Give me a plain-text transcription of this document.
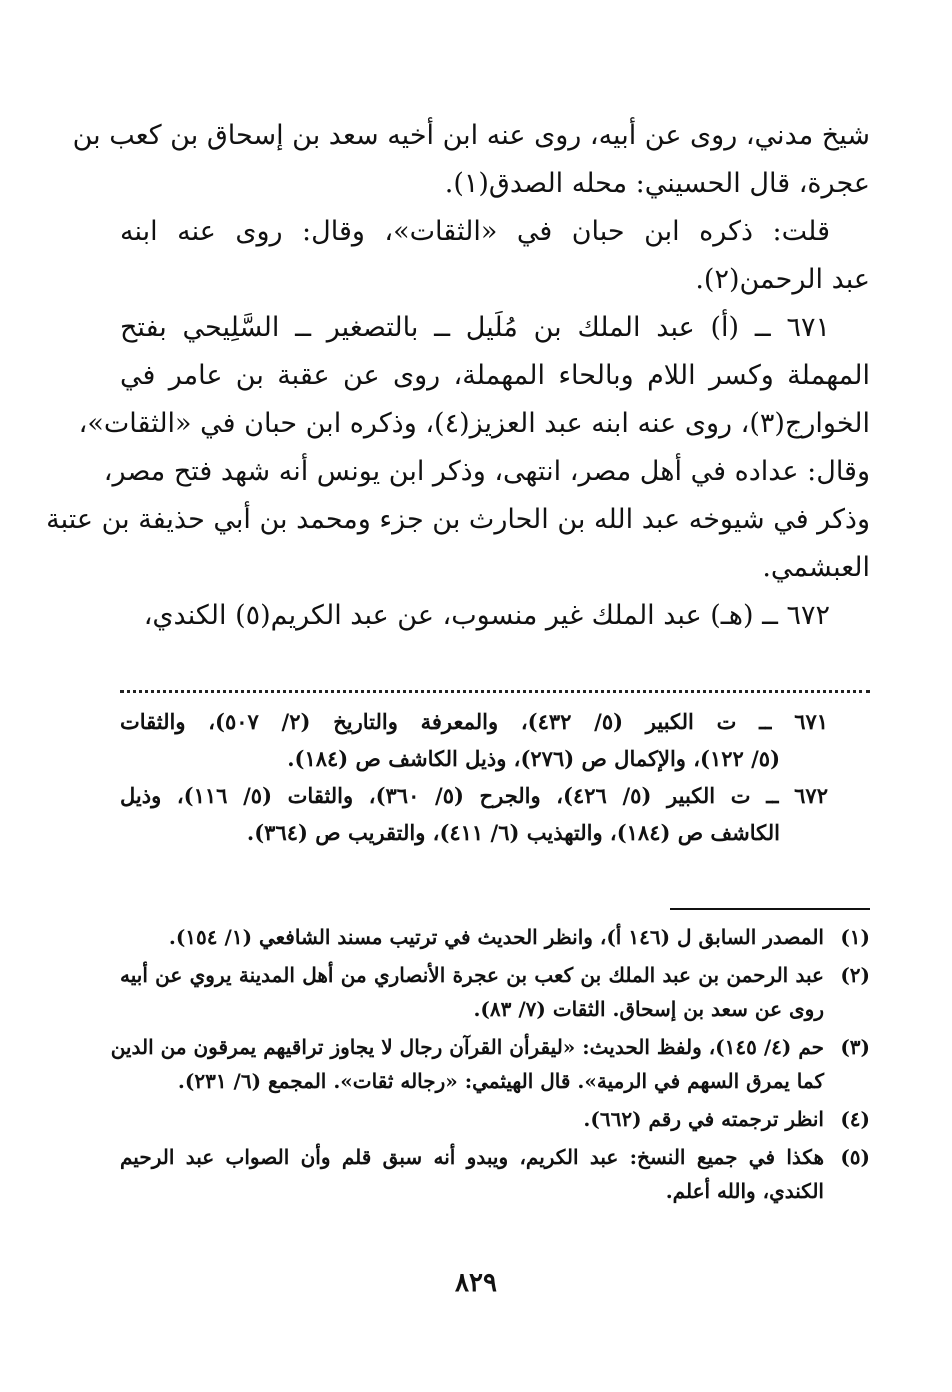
شيخ مدني، روى عن أبيه، روى عنه ابن أخيه سعد بن إسحاق بن كعب بن
عجرة، قال الحسيني: محله الصدق(١).
قلت: ذكره ابن حبان في «الثقات»، وقال: روى عنه ابنه
عبد الرحمن(٢).
٦٧١ ــ (أ) عبد الملك بن مُلَيل ــ بالتصغير ــ السَّلِيحي بفتح
المهملة وكسر اللام وبالحاء المهملة، روى عن عقبة بن عامر في
الخوارج(٣)، روى عنه ابنه عبد العزيز(٤)، وذكره ابن حبان في «الثقات»،
وقال: عداده في أهل مصر، انتهى، وذكر ابن يونس أنه شهد فتح مصر،
وذكر في شيوخه عبد الله بن الحارث بن جزء ومحمد بن أبي حذيفة بن عتبة
العبشمي.
٦٧٢ ــ (هـ) عبد الملك غير منسوب، عن عبد الكريم(٥) الكندي،
٦٧١ ــ ت الكبير (٥/ ٤٣٢)، والمعرفة والتاريخ (٢/ ٥٠٧)، والثقات
(٥/ ١٢٢)، والإكمال ص (٢٧٦)، وذيل الكاشف ص (١٨٤).
٦٧٢ ــ ت الكبير (٥/ ٤٢٦)، والجرح (٥/ ٣٦٠)، والثقات (٥/ ١١٦)، وذيل
الكاشف ص (١٨٤)، والتهذيب (٦/ ٤١١)، والتقريب ص (٣٦٤).
(١)
المصدر السابق ل (١٤٦ أ)، وانظر الحديث في ترتيب مسند الشافعي (١/ ١٥٤).
(٢)
عبد الرحمن بن عبد الملك بن كعب بن عجرة الأنصاري من أهل المدينة يروي عن أبيه
روى عن سعد بن إسحاق. الثقات (٧/ ٨٣).
(٣)
حم (٤/ ١٤٥)، ولفظ الحديث: «ليقرأن القرآن رجال لا يجاوز تراقيهم يمرقون من الدين
كما يمرق السهم في الرمية». قال الهيثمي: «رجاله ثقات». المجمع (٦/ ٢٣١).
(٤)
انظر ترجمته في رقم (٦٦٢).
(٥)
هكذا في جميع النسخ: عبد الكريم، ويبدو أنه سبق قلم وأن الصواب عبد الرحيم
الكندي، والله أعلم.
٨٢٩
